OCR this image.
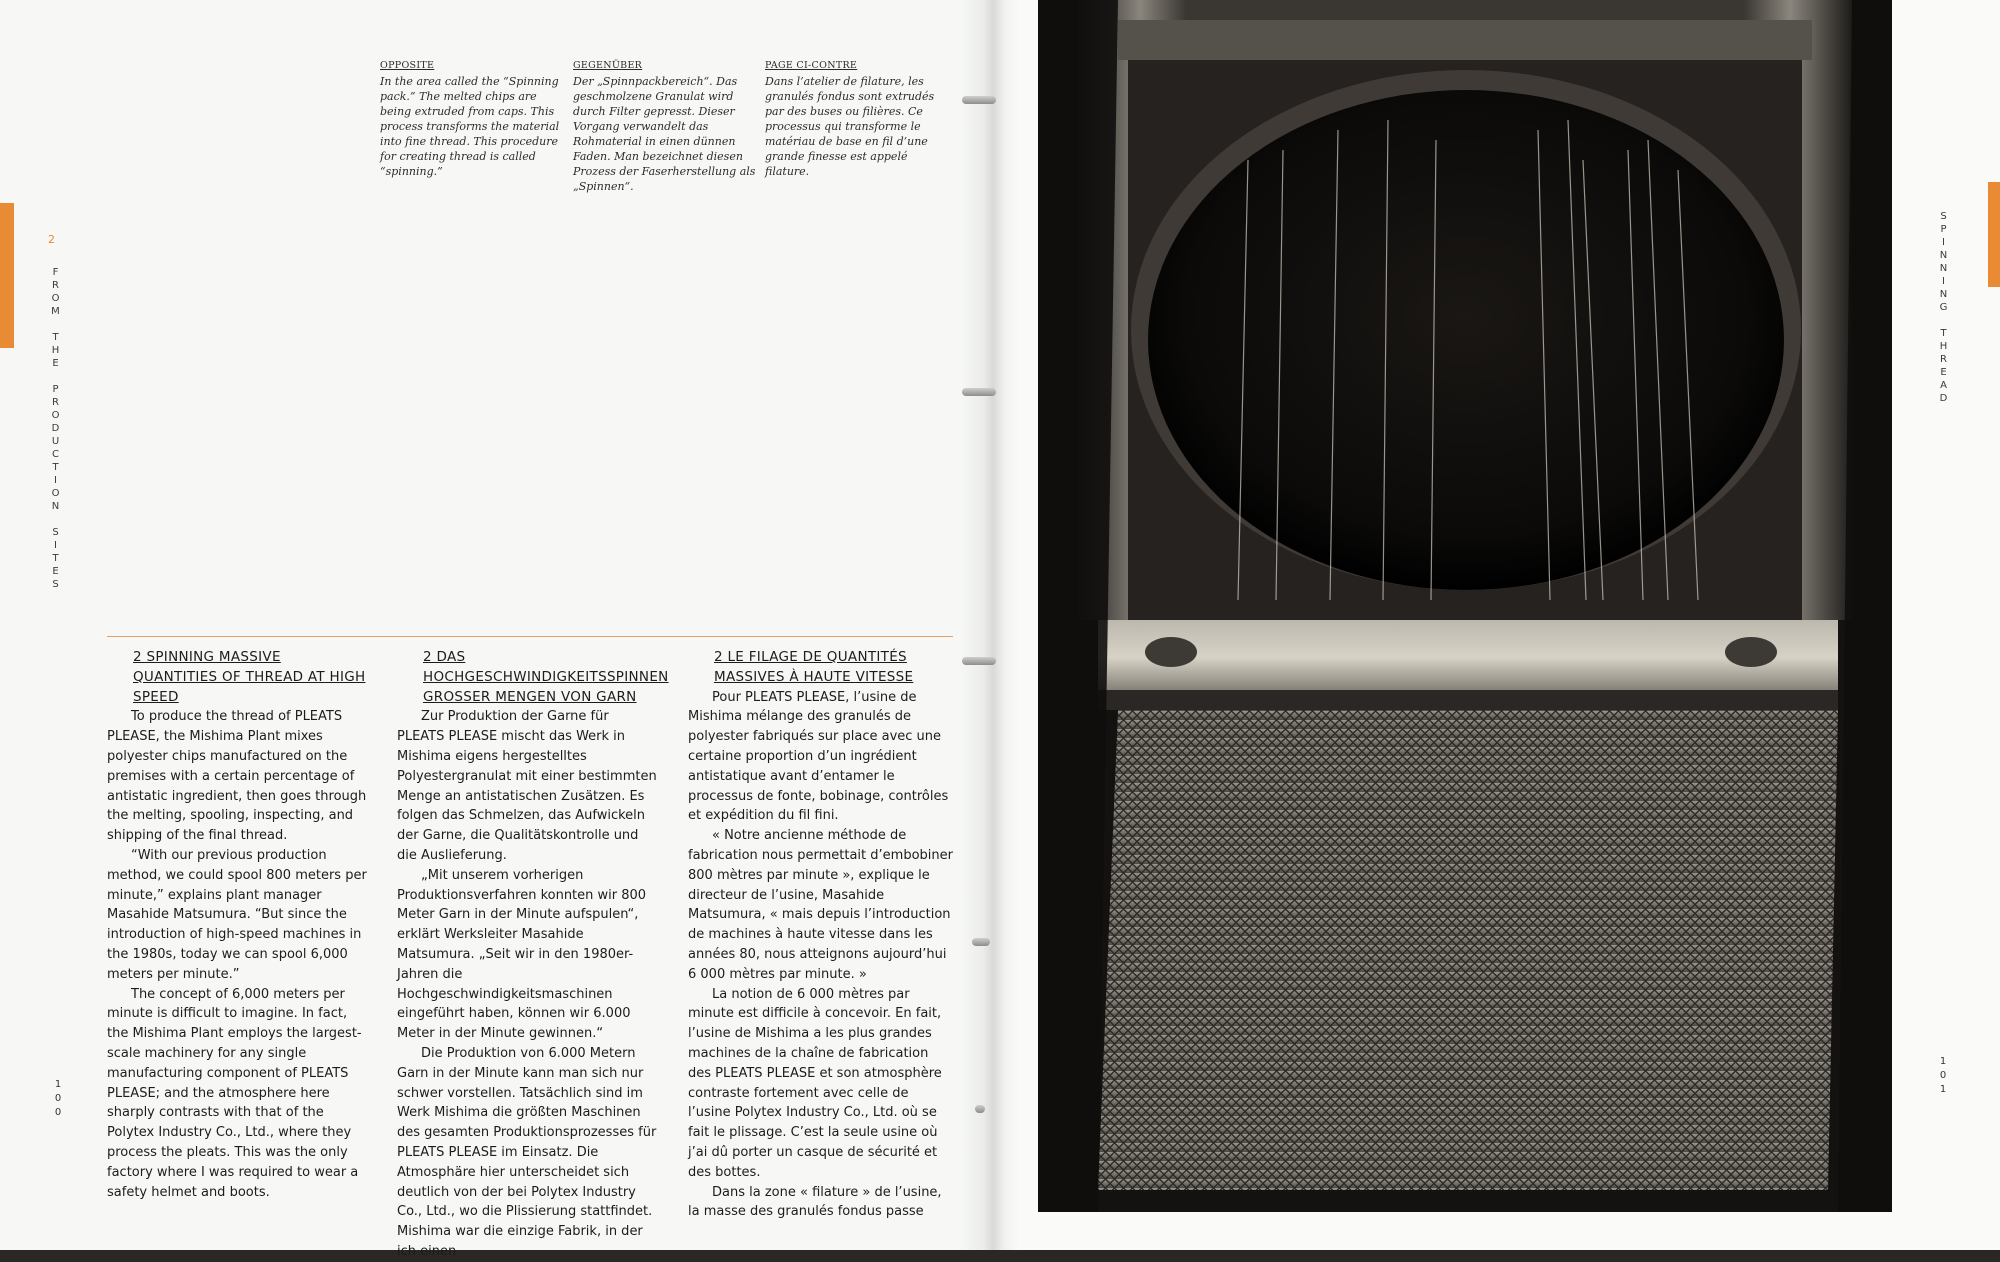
2
F
R
O
M

T
H
E

P
R
O
D
U
C
T
I
O
N

S
I
T
E
S
S
P
I
N
N
I
N
G

T
H
R
E
A
D
1
0
0
1
0
1
OPPOSITE
In the area called the “Spinning pack.” The melted chips are being extruded from caps. This process transforms the material into fine thread. This procedure for creating thread is called “spinning.”
GEGENÜBER
Der „Spinnpackbereich“. Das geschmolzene Granulat wird durch Filter gepresst. Dieser Vorgang verwandelt das Rohmaterial in einen dünnen Faden. Man bezeichnet diesen Prozess der Faserherstellung als „Spinnen“.
PAGE CI-CONTRE
Dans l’atelier de filature, les granulés fondus sont extrudés par des buses ou filières. Ce processus qui transforme le matériau de base en fil d’une grande finesse est appelé filature.
2 SPINNING MASSIVE QUANTITIES OF THREAD AT HIGH SPEED

To produce the thread of PLEATS PLEASE, the Mishima Plant mixes polyester chips manufactured on the premises with a certain percentage of antistatic ingredient, then goes through the melting, spooling, inspecting, and shipping of the final thread.

“With our previous production method, we could spool 800 meters per minute,” explains plant manager Masahide Matsumura. “But since the introduction of high-speed machines in the 1980s, today we can spool 6,000 meters per minute.”

The concept of 6,000 meters per minute is difficult to imagine. In fact, the Mishima Plant employs the largest-scale machinery for any single manufacturing component of PLEATS PLEASE; and the atmosphere here sharply contrasts with that of the Polytex Industry Co., Ltd., where they process the pleats. This was the only factory where I was required to wear a safety helmet and boots.

2 DAS HOCHGESCHWINDIGKEITSSPINNEN GROSSER MENGEN VON GARN

Zur Produktion der Garne für PLEATS PLEASE mischt das Werk in Mishima eigens hergestelltes Polyestergranulat mit einer bestimmten Menge an antistatischen Zusätzen. Es folgen das Schmelzen, das Aufwickeln der Garne, die Qualitätskontrolle und die Auslieferung.

„Mit unserem vorherigen Produktionsverfahren konnten wir 800 Meter Garn in der Minute aufspulen“, erklärt Werksleiter Masahide Matsumura. „Seit wir in den 1980er-Jahren die Hochgeschwindigkeitsmaschinen eingeführt haben, können wir 6.000 Meter in der Minute gewinnen.“

Die Produktion von 6.000 Metern Garn in der Minute kann man sich nur schwer vorstellen. Tatsächlich sind im Werk Mishima die größten Maschinen des gesamten Produktionsprozesses für PLEATS PLEASE im Einsatz. Die Atmosphäre hier unterscheidet sich deutlich von der bei Polytex Industry Co., Ltd., wo die Plissierung stattfindet. Mishima war die einzige Fabrik, in der ich einen

2 LE FILAGE DE QUANTITÉS MASSIVES À HAUTE VITESSE

Pour PLEATS PLEASE, l’usine de Mishima mélange des granulés de polyester fabriqués sur place avec une certaine proportion d’un ingrédient antistatique avant d’entamer le processus de fonte, bobinage, contrôles et expédition du fil fini.

« Notre ancienne méthode de fabrication nous permettait d’embobiner 800 mètres par minute », explique le directeur de l’usine, Masahide Matsumura, « mais depuis l’introduction de machines à haute vitesse dans les années 80, nous atteignons aujourd’hui 6 000 mètres par minute. »

La notion de 6 000 mètres par minute est difficile à concevoir. En fait, l’usine de Mishima a les plus grandes machines de la chaîne de fabrication des PLEATS PLEASE et son atmosphère contraste fortement avec celle de l’usine Polytex Industry Co., Ltd. où se fait le plissage. C’est la seule usine où j’ai dû porter un casque de sécurité et des bottes.

Dans la zone « filature » de l’usine, la masse des granulés fondus passe
